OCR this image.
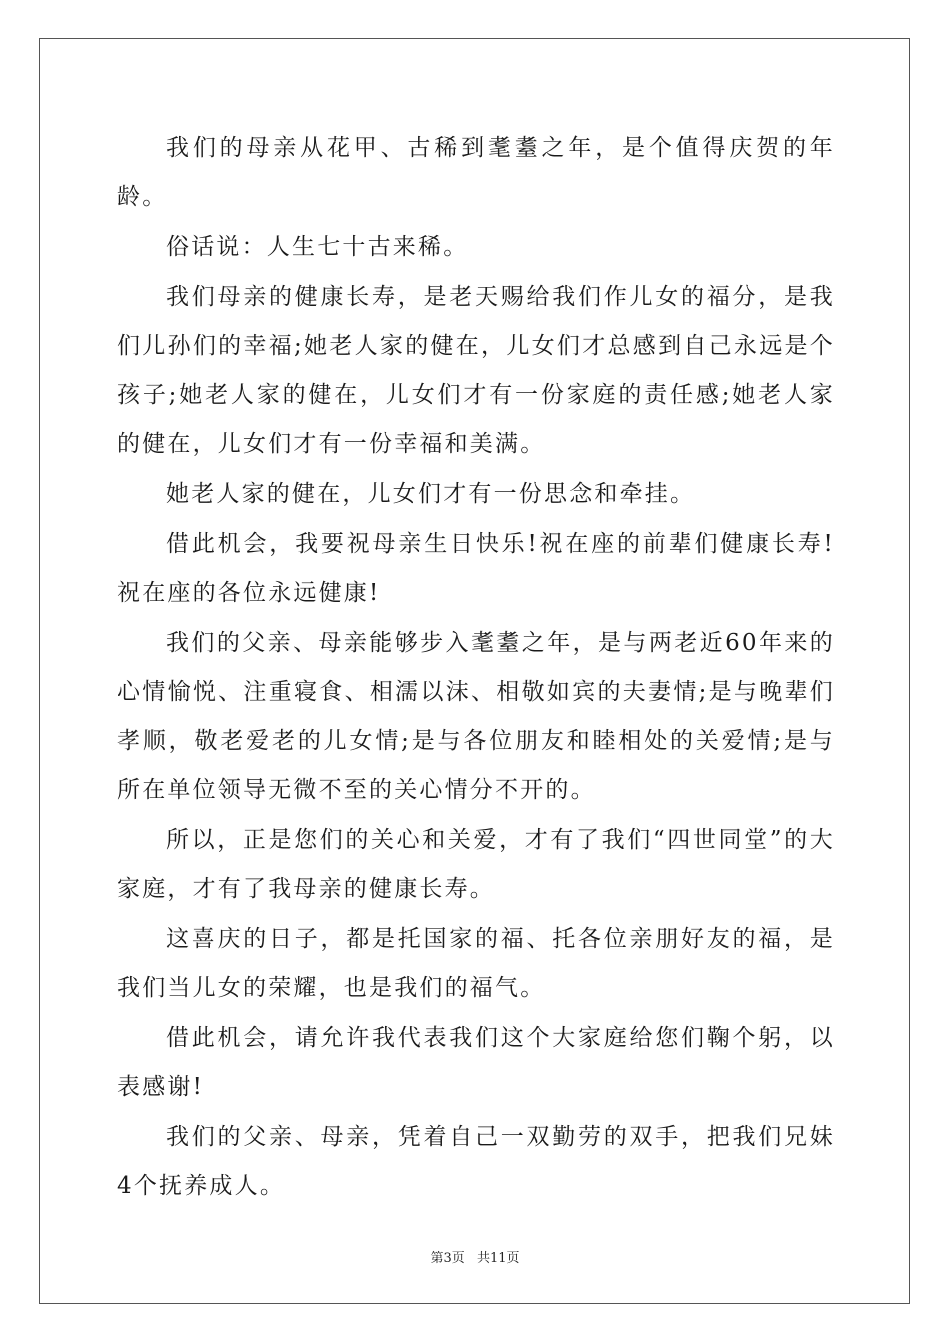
我们的母亲从花甲、古稀到耄耋之年，是个值得庆贺的年龄。

俗话说：人生七十古来稀。

我们母亲的健康长寿，是老天赐给我们作儿女的福分，是我们儿孙们的幸福;她老人家的健在，儿女们才总感到自己永远是个孩子;她老人家的健在，儿女们才有一份家庭的责任感;她老人家的健在，儿女们才有一份幸福和美满。

她老人家的健在，儿女们才有一份思念和牵挂。

借此机会，我要祝母亲生日快乐!祝在座的前辈们健康长寿!祝在座的各位永远健康!

我们的父亲、母亲能够步入耄耋之年，是与两老近60年来的心情愉悦、注重寝食、相濡以沫、相敬如宾的夫妻情;是与晚辈们孝顺，敬老爱老的儿女情;是与各位朋友和睦相处的关爱情;是与所在单位领导无微不至的关心情分不开的。

所以，正是您们的关心和关爱，才有了我们“四世同堂”的大家庭，才有了我母亲的健康长寿。

这喜庆的日子，都是托国家的福、托各位亲朋好友的福，是我们当儿女的荣耀，也是我们的福气。

借此机会，请允许我代表我们这个大家庭给您们鞠个躬，以表感谢!

我们的父亲、母亲，凭着自己一双勤劳的双手，把我们兄妹4个抚养成人。

第3页 共11页
